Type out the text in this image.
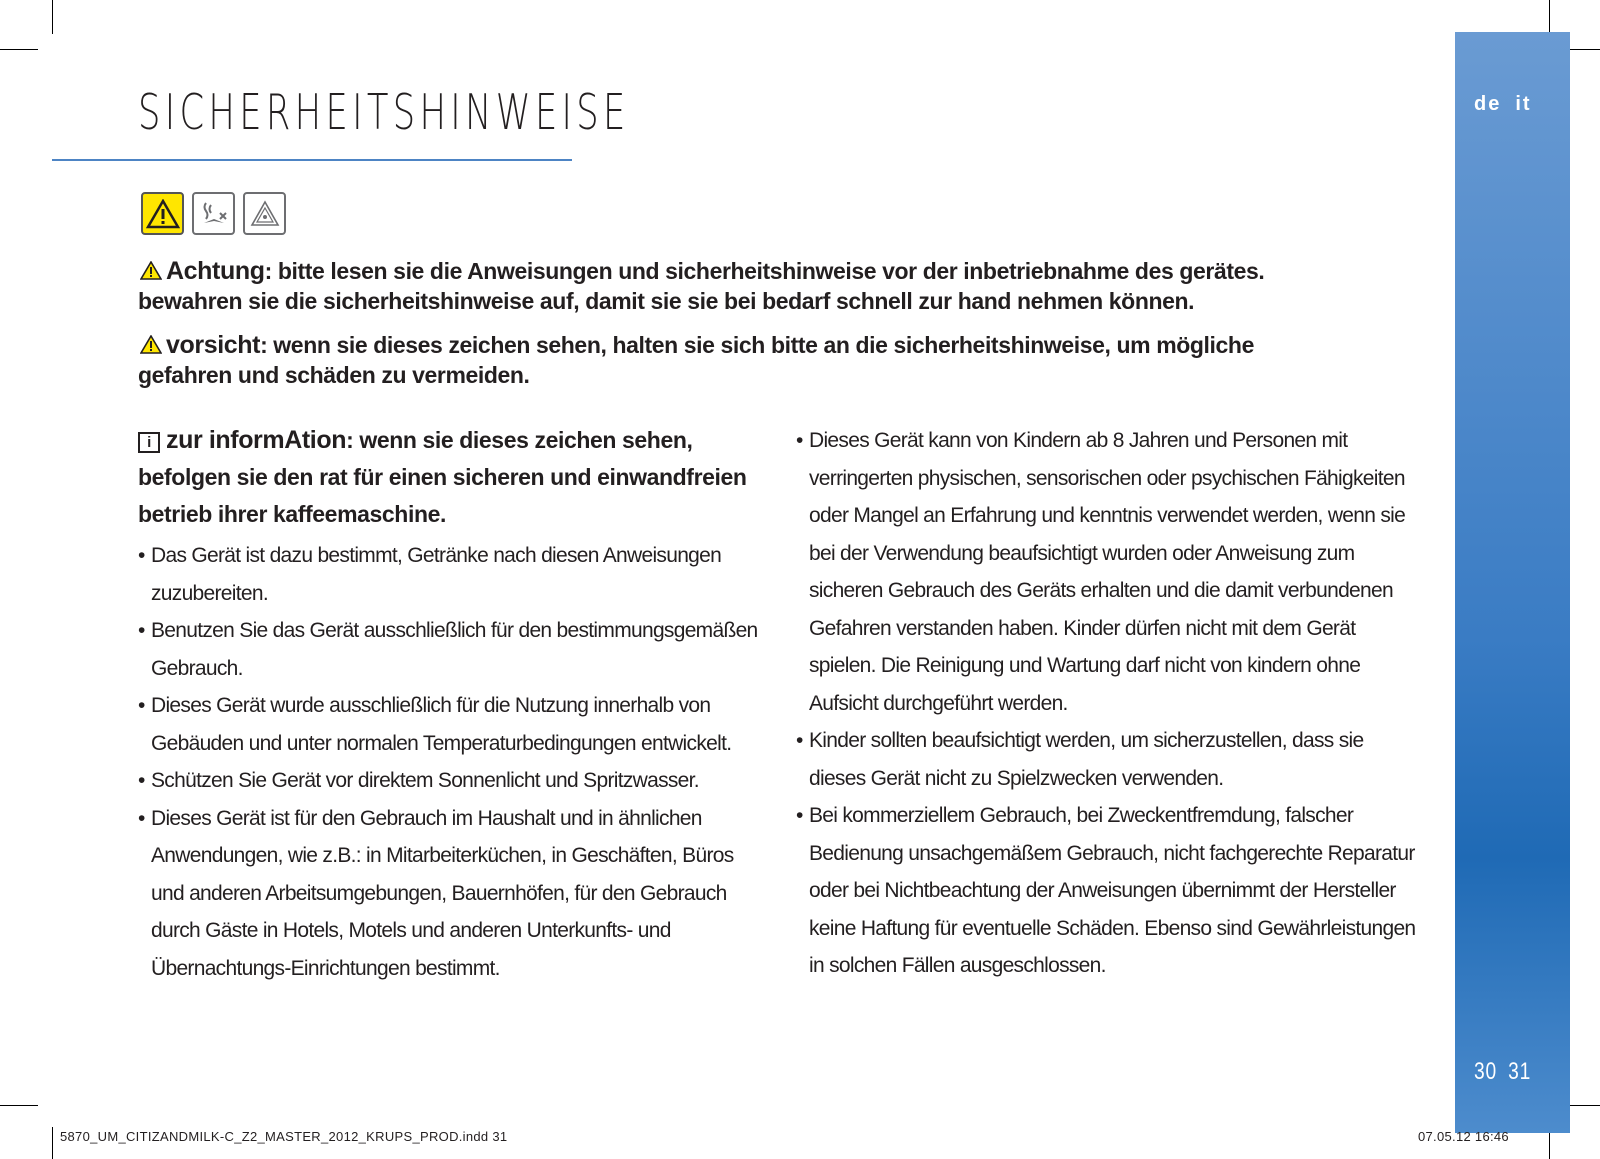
SICHERHEITSHINWEISE
Achtung: bitte lesen sie die Anweisungen und sicherheitshinweise vor der inbetriebnahme des gerätes. bewahren sie die sicherheitshinweise auf, damit sie sie bei bedarf schnell zur hand nehmen können.
vorsicht: wenn sie dieses zeichen sehen, halten sie sich bitte an die sicherheitshinweise, um mögliche gefahren und schäden zu vermeiden.
i zur informAtion: wenn sie dieses zeichen sehen, befolgen sie den rat für einen sicheren und einwandfreien betrieb ihrer kaffeemaschine.
• Das Gerät ist dazu bestimmt, Getränke nach diesen Anweisungen zuzubereiten.
• Benutzen Sie das Gerät ausschließlich für den bestimmungsgemäßen Gebrauch.
• Dieses Gerät wurde ausschließlich für die Nutzung innerhalb von Gebäuden und unter normalen Temperaturbedingungen entwickelt.
• Schützen Sie Gerät vor direktem Sonnenlicht und Spritzwasser.
• Dieses Gerät ist für den Gebrauch im Haushalt und in ähnlichen Anwendungen, wie z.B.: in Mitarbeiterküchen, in Geschäften, Büros und anderen Arbeitsumgebungen, Bauernhöfen, für den Gebrauch durch Gäste in Hotels, Motels und anderen Unterkunfts- und Übernachtungs-Einrichtungen bestimmt.
• Dieses Gerät kann von Kindern ab 8 Jahren und Personen mit verringerten physischen, sensorischen oder psychischen Fähigkeiten oder Mangel an Erfahrung und kenntnis verwendet werden, wenn sie bei der Verwendung beaufsichtigt wurden oder Anweisung zum sicheren Gebrauch des Geräts erhalten und die damit verbundenen Gefahren verstanden haben. Kinder dürfen nicht mit dem Gerät spielen. Die Reinigung und Wartung darf nicht von kindern ohne Aufsicht durchgeführt werden.
• Kinder sollten beaufsichtigt werden, um sicherzustellen, dass sie dieses Gerät nicht zu Spielzwecken verwenden.
• Bei kommerziellem Gebrauch, bei Zweckentfremdung, falscher Bedienung unsachgemäßem Gebrauch, nicht fachgerechte Reparatur oder bei Nichtbeachtung der Anweisungen übernimmt der Hersteller keine Haftung für eventuelle Schäden. Ebenso sind Gewährleistungen in solchen Fällen ausgeschlossen.
de it
30 31
5870_UM_CITIZANDMILK-C_Z2_MASTER_2012_KRUPS_PROD.indd 31	07.05.12 16:46
